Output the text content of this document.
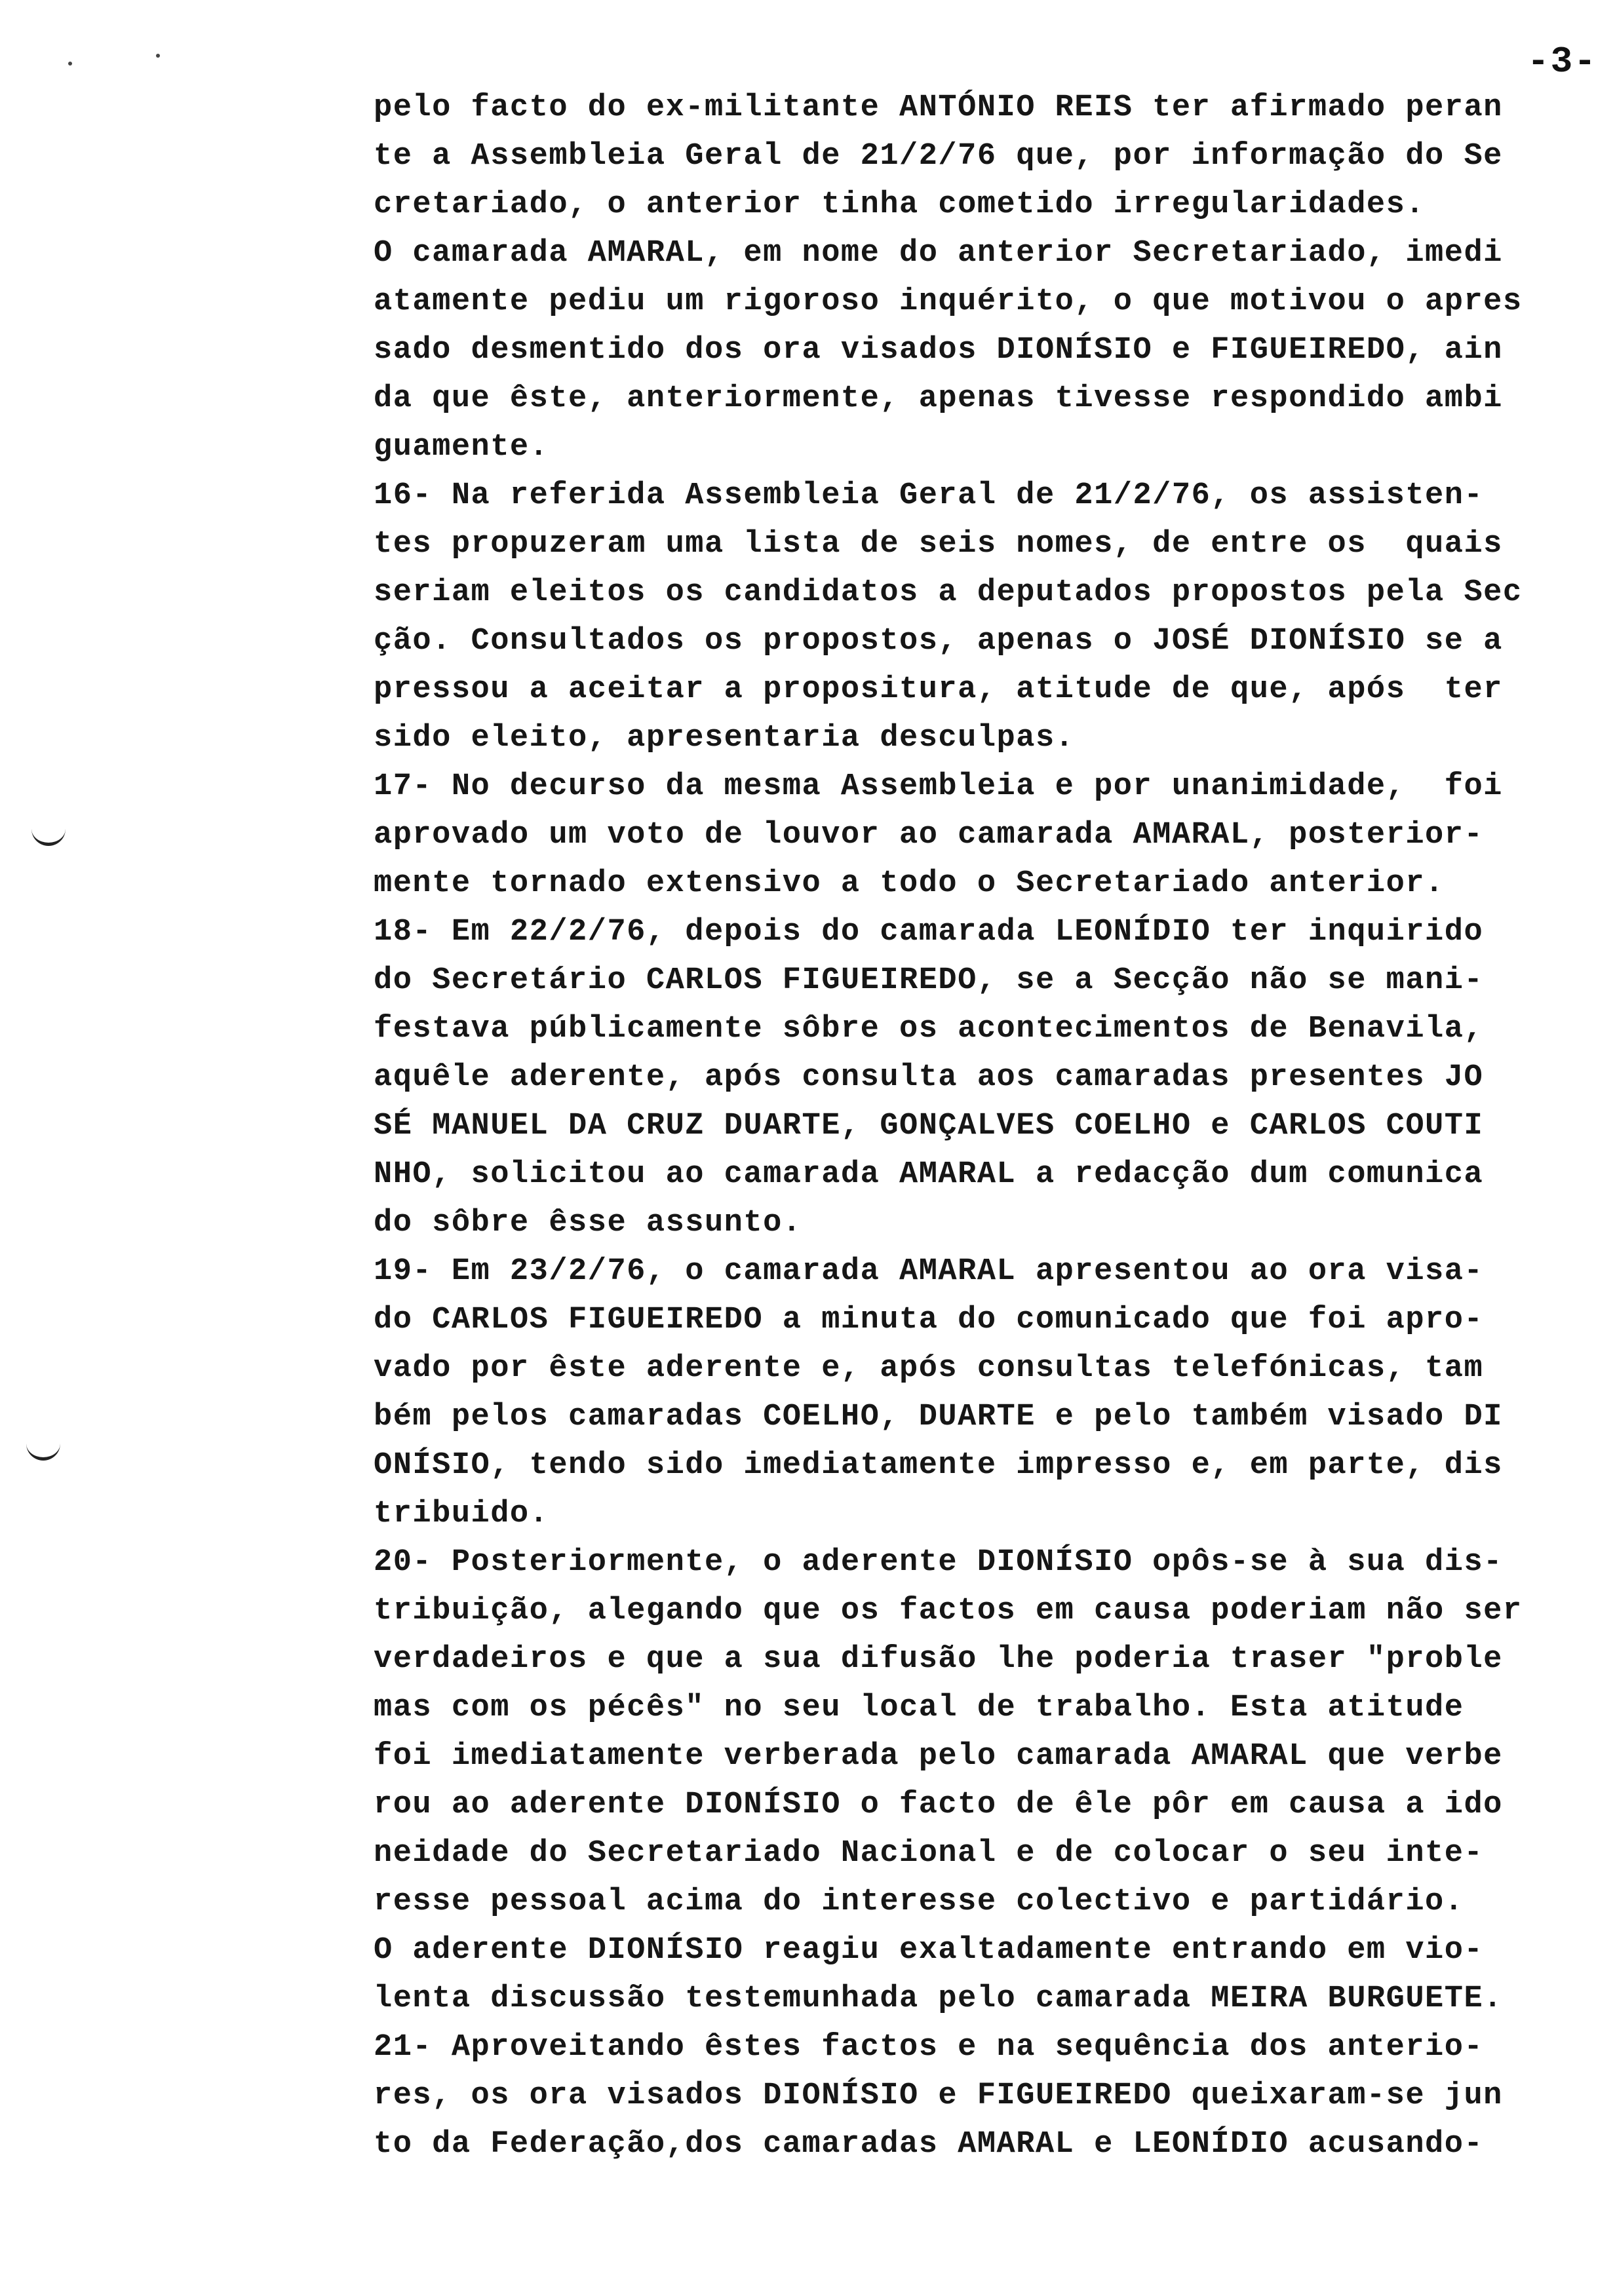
-3-
pelo facto do ex-militante ANTÓNIO REIS ter afirmado peran
te a Assembleia Geral de 21/2/76 que, por informação do Se
cretariado, o anterior tinha cometido irregularidades.
O camarada AMARAL, em nome do anterior Secretariado, imedi
atamente pediu um rigoroso inquérito, o que motivou o apres
sado desmentido dos ora visados DIONÍSIO e FIGUEIREDO, ain
da que êste, anteriormente, apenas tivesse respondido ambi
guamente.
16- Na referida Assembleia Geral de 21/2/76, os assisten-
tes propuzeram uma lista de seis nomes, de entre os  quais
seriam eleitos os candidatos a deputados propostos pela Sec
ção. Consultados os propostos, apenas o JOSÉ DIONÍSIO se a
pressou a aceitar a propositura, atitude de que, após  ter
sido eleito, apresentaria desculpas.
17- No decurso da mesma Assembleia e por unanimidade,  foi
aprovado um voto de louvor ao camarada AMARAL, posterior-
mente tornado extensivo a todo o Secretariado anterior.
18- Em 22/2/76, depois do camarada LEONÍDIO ter inquirido
do Secretário CARLOS FIGUEIREDO, se a Secção não se mani-
festava públicamente sôbre os acontecimentos de Benavila,
aquêle aderente, após consulta aos camaradas presentes JO
SÉ MANUEL DA CRUZ DUARTE, GONÇALVES COELHO e CARLOS COUTI
NHO, solicitou ao camarada AMARAL a redacção dum comunica
do sôbre êsse assunto.
19- Em 23/2/76, o camarada AMARAL apresentou ao ora visa-
do CARLOS FIGUEIREDO a minuta do comunicado que foi apro-
vado por êste aderente e, após consultas telefónicas, tam
bém pelos camaradas COELHO, DUARTE e pelo também visado DI
ONÍSIO, tendo sido imediatamente impresso e, em parte, dis
tribuido.
20- Posteriormente, o aderente DIONÍSIO opôs-se à sua dis-
tribuição, alegando que os factos em causa poderiam não ser
verdadeiros e que a sua difusão lhe poderia traser "proble
mas com os pécês" no seu local de trabalho. Esta atitude
foi imediatamente verberada pelo camarada AMARAL que verbe
rou ao aderente DIONÍSIO o facto de êle pôr em causa a ido
neidade do Secretariado Nacional e de colocar o seu inte-
resse pessoal acima do interesse colectivo e partidário.
O aderente DIONÍSIO reagiu exaltadamente entrando em vio-
lenta discussão testemunhada pelo camarada MEIRA BURGUETE.
21- Aproveitando êstes factos e na sequência dos anterio-
res, os ora visados DIONÍSIO e FIGUEIREDO queixaram-se jun
to da Federação,dos camaradas AMARAL e LEONÍDIO acusando-
